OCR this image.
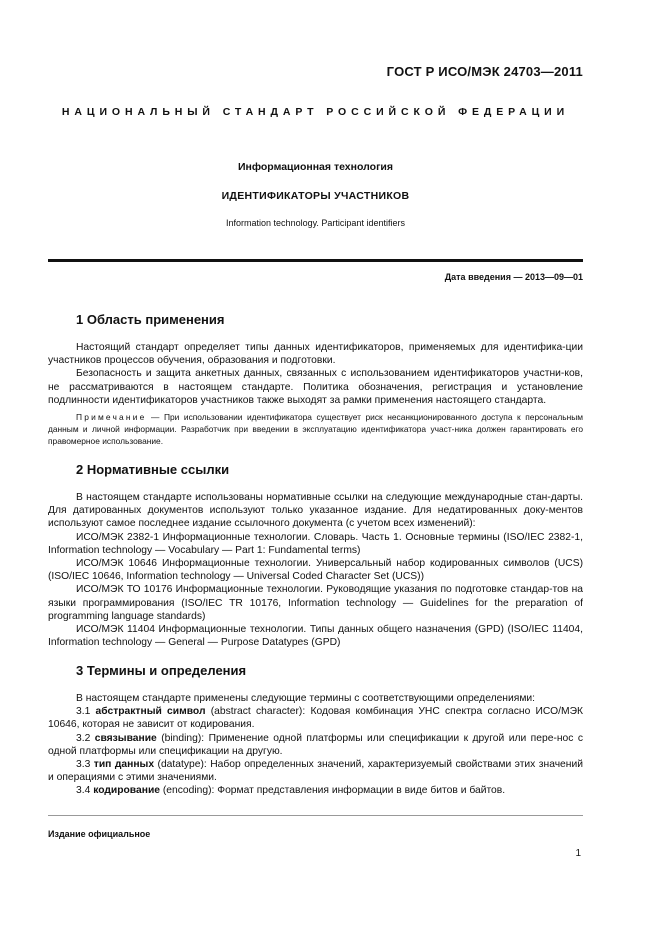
ГОСТ Р ИСО/МЭК 24703—2011
НАЦИОНАЛЬНЫЙ СТАНДАРТ РОССИЙСКОЙ ФЕДЕРАЦИИ
Информационная технология
ИДЕНТИФИКАТОРЫ УЧАСТНИКОВ
Information technology. Participant identifiers
Дата введения — 2013—09—01
1 Область применения

Настоящий стандарт определяет типы данных идентификаторов, применяемых для идентифика-ции участников процессов обучения, образования и подготовки.

Безопасность и защита анкетных данных, связанных с использованием идентификаторов участни-ков, не рассматриваются в настоящем стандарте. Политика обозначения, регистрация и установление подлинности идентификаторов участников также выходят за рамки применения настоящего стандарта.

Примечание — При использовании идентификатора существует риск несанкционированного доступа к персональным данным и личной информации. Разработчик при введении в эксплуатацию идентификатора участ-ника должен гарантировать его правомерное использование.

2 Нормативные ссылки

В настоящем стандарте использованы нормативные ссылки на следующие международные стан-дарты. Для датированных документов используют только указанное издание. Для недатированных доку-ментов используют самое последнее издание ссылочного документа (с учетом всех изменений):

ИСО/МЭК 2382-1 Информационные технологии. Словарь. Часть 1. Основные термины (ISO/IEC 2382-1, Information technology — Vocabulary — Part 1: Fundamental terms)

ИСО/МЭК 10646 Информационные технологии. Универсальный набор кодированных символов (UCS) (ISO/IEC 10646, Information technology — Universal Coded Character Set (UCS))

ИСО/МЭК ТО 10176 Информационные технологии. Руководящие указания по подготовке стандар-тов на языки программирования (ISO/IEC TR 10176, Information technology — Guidelines for the preparation of programming language standards)

ИСО/МЭК 11404 Информационные технологии. Типы данных общего назначения (GPD) (ISO/IEC 11404, Information technology — General — Purpose Datatypes (GPD)

3 Термины и определения

В настоящем стандарте применены следующие термины с соответствующими определениями:

3.1 абстрактный символ (abstract character): Кодовая комбинация УНС спектра согласно ИСО/МЭК 10646, которая не зависит от кодирования.

3.2 связывание (binding): Применение одной платформы или спецификации к другой или пере-нос с одной платформы или спецификации на другую.

3.3 тип данных (datatype): Набор определенных значений, характеризуемый свойствами этих значений и операциями с этими значениями.

3.4 кодирование (encoding): Формат представления информации в виде битов и байтов.

Издание официальное
1
